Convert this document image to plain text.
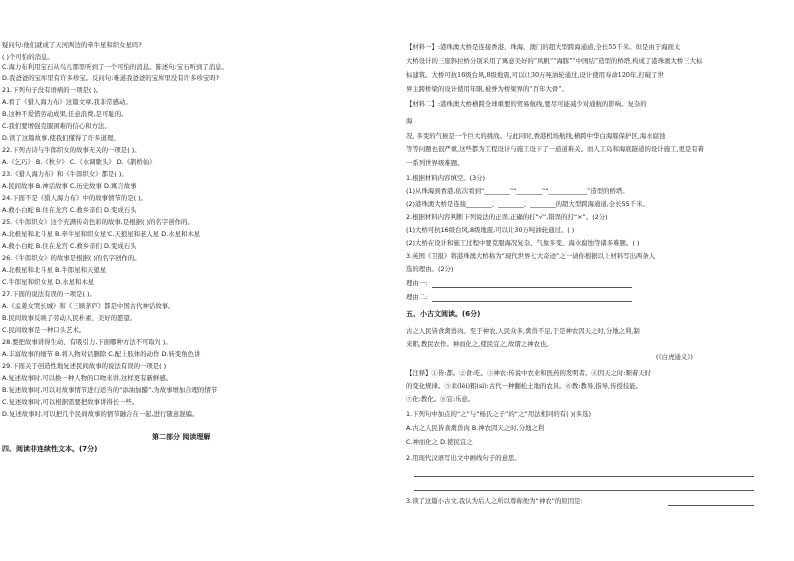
疑问句:他们就成了天河两边的牵牛星和织女星吗?
( )个可怕的消息。
C.海力布利用宝石从鸟儿那里听到了一个可怕的消息。陈述句:宝石听到了消息。
D.我爸爸的宝库里有许多珍宝。反问句:难道我爸爸的宝库里没有许多珍宝吗?
21.下列句子没有语病的一项是( )。
A.看了《猎人海力布》这篇文章,我非常感动。
B.这种不爱惜劳动成果,任意浪费,是可耻的。
C.我们要增强克服困难的信心和方法。
D.读了这篇故事,使我们懂得了许多道理。
22.下列古诗与牛郎织女的故事无关的一项是( )。
A.《乞巧》 B.《秋夕》 C.《水调歌头》 D.《鹊桥仙》
23.《猎人海力布》和《牛郎织女》都是( )。
A.民间故事 B.神话故事 C.历史故事 D.寓言故事
24.下面不是《猎人海力布》中的故事情节的是( )。
A.救小白蛇 B.住在龙宫 C.救乡亲们 D.变成石头
25.《牛郎织女》这个充满传奇色彩的故事,是根据( )的名字创作的。
A.北极星和北斗星 B.牵牛星和织女星'C.天狼星和老人星 D.水星和木星
A.救小白蛇 B.住在龙宫 C.救乡亲们 D.变成石头
26.《牛郎织女》的故事是根据( )的名字创作的。
A.北极星和北斗星 B.牛郎星和天狼星
C.牛郎星和织女星 D.水星和木星
27.下面的说法有误的一项是( )。
A.《孟姜女哭长城》和《三顾茅庐》都是中国古代神话故事。
B.民间故事反映了劳动人民朴素、美好的愿望。
C.民间故事是一种口头艺术。
28.要把故事讲得生动、有吸引力,下面哪种方法不可取?( )。
A.丰富故事的细节 B.将人物对话删除 C.配上肢体的动作 D.转变角色讲
29.下面关于创造性地复述民间故事的说法有误的一项是( )
A.复述故事时,可以换一种人物的口吻来讲,这样更有新鲜感。
B.复述故事时,可以对故事情节进行适当的“添油加醋”,为故事增加合理的情节
C.复述故事时,可以根据需要把故事讲得长一些。
D.复述故事时,可以把几个民间故事的情节融合在一起,进行随意混编。
第二部分 阅读理解
四、阅读非连续性文本。(7分)
【材料一】:港珠澳大桥是连接香港、珠海、澳门的超大型跨海通道,全长55千米。但是由于海面太
大桥设计的三座斜拉桥分别采用了寓意美好的“风帆”“海豚”“中国结”造型的桥塔,构成了港珠澳大桥三大标
标建筑。大桥可抗16级台风,8级地震,可以让30万吨油轮通过,设计使用寿命120年,打破了世
界主跨桥梁的设计使用年限,被誉为桥梁界的“百年大骨”。
【材料二】:港珠澳大桥横跨全球重要的贸易航线,要尽可能减少对通航的影响。复杂的
海
况, 多变的气候是一个巨大的挑战。与此同时,香港机场航线,横跨中华白海豚保护区,海水腐蚀
等等问题也很严重,这些都为工程设计与施工设下了一道道难关。而人工岛和海底隧道的设计施工,更是有着
一系列世界级难题。
1.根据材料内容填空。(3分)
(1)从珠海到香港,依次看到“________”“________”“____________”造型的桥塔。
(2)港珠澳大桥是连接________、________、________的超大型跨海通道,全长55千米。
2.根据材料内容判断下列说法的正误,正确的打“√”,错误的打“×”。(2分)
(1)大桥可抗16级台风,8级地震,可以让30万吨油轮通过。( )
(2)大桥在设计和施工过程中要克服海况复杂、气象多变、海水腐蚀等诸多难题。( )
3.英国《卫报》将港珠澳大桥称为“现代世界七大奇迹”之一请你根据以上材料写出两条人
选的理由。(2分)
理由一:
理由二:
五、小古文阅读。(6分)
古之人民皆食禽兽肉。至于神农,人民众多,禽兽不足,于是神农因天之时,分地之利,制
来耜,教民农作。神而化之,使民宜之,故谓之神农也。
(《白虎通义》)
【注释】①皆:都。②食:吃。③神农:传说中农业和医药的发明者。④因天之时:顺着天时
的变化规律。⑤耒(lěi)耜(sì):古代一种翻松土地的农具。⑥教:教导,指导,传授技能。
⑦化:教化。⑧宜:乐意。
1.下列句中加点的“之”与“杨氏之子”的“之”用法相同的有( )(多选)
A.古之人民皆食禽兽肉 B.神农因天之时,分地之利
C.神而化之 D.使民宜之
2.用现代汉语写出文中画线句子的意思。
3.读了这篇小古文,我认为后人之所以尊称他为“神农”的原因是:
